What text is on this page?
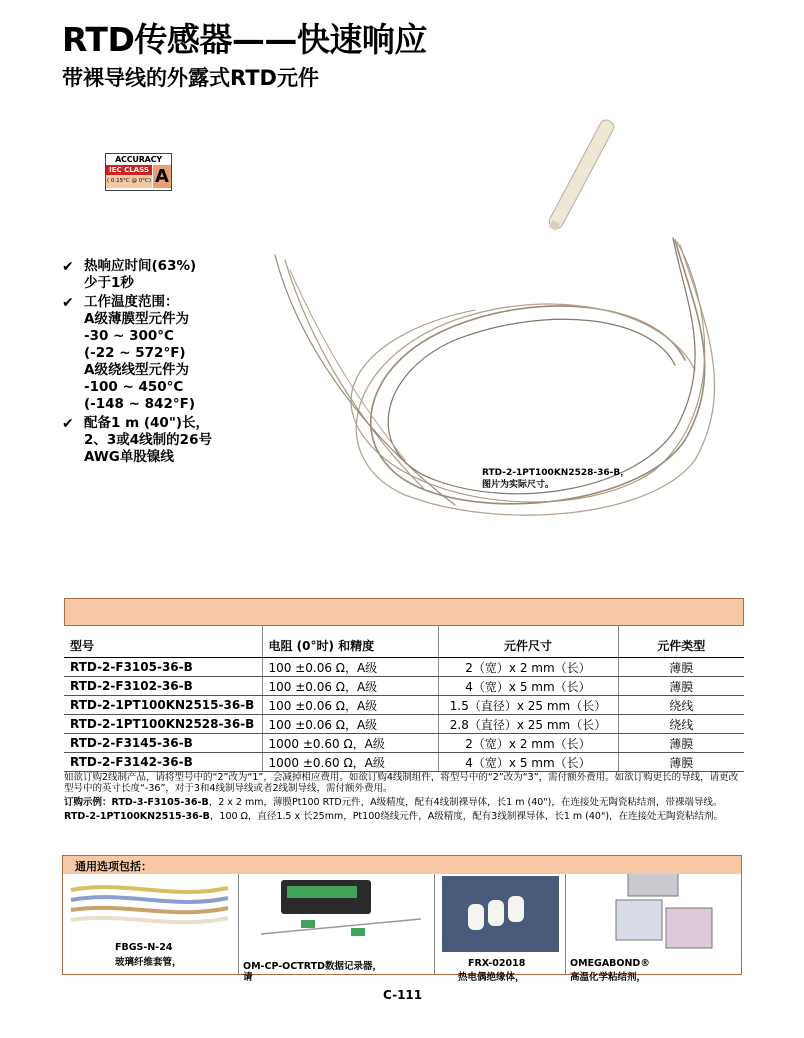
RTD传感器——快速响应
带裸导线的外露式RTD元件
ACCURACY
IEC CLASS
( 0.15°C @ 0°C) A
✔ 热响应时间(63%)
少于1秒
✔ 工作温度范围：
A级薄膜型元件为
-30 ~ 300°C
(-22 ~ 572°F)
A级绕线型元件为
-100 ~ 450°C
(-148 ~ 842°F)
✔ 配备1 m (40")长，
2、3或4线制的26号
AWG单股镍线
RTD-2-1PT100KN2528-36-B，
图片为实际尺寸。
型号	电阻 (0°时) 和精度	元件尺寸	元件类型
RTD-2-F3105-36-B	100 ±0.06 Ω，A级	2（宽）x 2 mm（长）	薄膜
RTD-2-F3102-36-B	100 ±0.06 Ω，A级	4（宽）x 5 mm（长）	薄膜
RTD-2-1PT100KN2515-36-B	100 ±0.06 Ω，A级	1.5（直径）x 25 mm（长）	绕线
RTD-2-1PT100KN2528-36-B	100 ±0.06 Ω，A级	2.8（直径）x 25 mm（长）	绕线
RTD-2-F3145-36-B	1000 ±0.60 Ω，A级	2（宽）x 2 mm（长）	薄膜
RTD-2-F3142-36-B	1000 ±0.60 Ω，A级	4（宽）x 5 mm（长）	薄膜

如欲订购2线制产品，请将型号中的“2”改为“1”，会减掉相应费用。如欲订购4线制组件，将型号中的“2”改为“3”，需付额外费用。如欲订购更长的导线，请更改型号中的英寸长度“-36”，对于3和4线制导线或者2线制导线，需付额外费用。

订购示例：RTD-3-F3105-36-B，2 x 2 mm，薄膜Pt100 RTD元件，A级精度，配有4线制裸导体，长1 m (40")，在连接处无陶瓷粘结剂，带裸端导线。

RTD-2-1PT100KN2515-36-B，100 Ω，直径1.5 x 长25mm，Pt100绕线元件，A级精度，配有3线制裸导体，长1 m (40")，在连接处无陶瓷粘结剂。

通用选项包括：
FBGS-N-24
玻璃纤维套管，	OM-CP-OCTRTD数据记录器，
请
FRX-02018
热电偶绝缘体，
OMEGABOND®
高温化学粘结剂，
C-111
